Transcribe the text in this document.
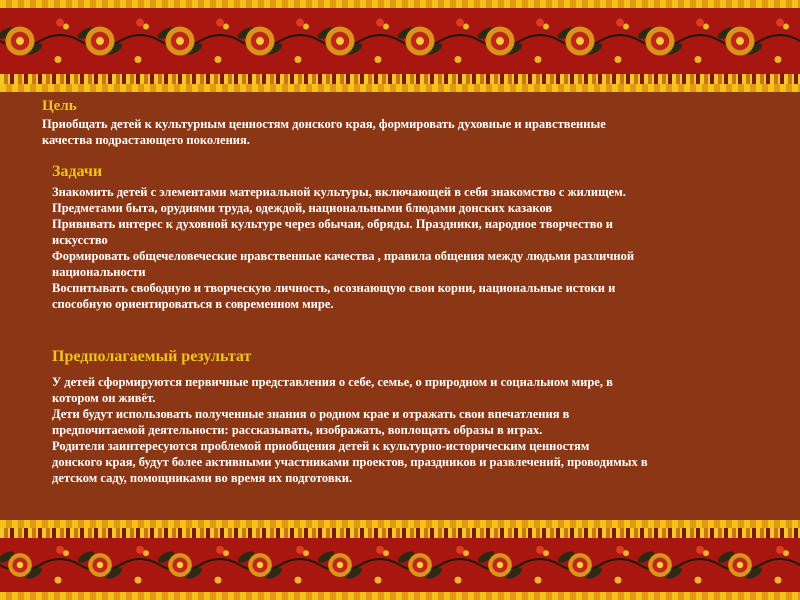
Цель
Приобщать детей к культурным ценностям донского края, формировать духовные и нравственные
качества подрастающего поколения.
Задачи
Знакомить детей с элементами материальной культуры, включающей в себя знакомство с жилищем.
Предметами быта, орудиями труда, одеждой, национальными блюдами донских казаков
Прививать интерес к духовной культуре через обычаи, обряды. Праздники, народное творчество и
искусство
Формировать общечеловеческие нравственные качества , правила общения между людьми различной
национальности
Воспитывать свободную и творческую личность, осознающую свои корни, национальные истоки и
способную ориентироваться в современном мире.
Предполагаемый результат
У детей сформируются первичные представления о себе, семье, о природном и социальном мире, в
котором он живёт.
Дети будут использовать полученные знания о родном крае и отражать свои впечатления в
предпочитаемой деятельности: рассказывать, изображать, воплощать образы в играх.
Родители заинтересуются проблемой приобщения детей к культурно-историческим ценностям
донского края, будут более активными участниками проектов, праздников и развлечений, проводимых в
детском саду, помощниками во время их подготовки.
